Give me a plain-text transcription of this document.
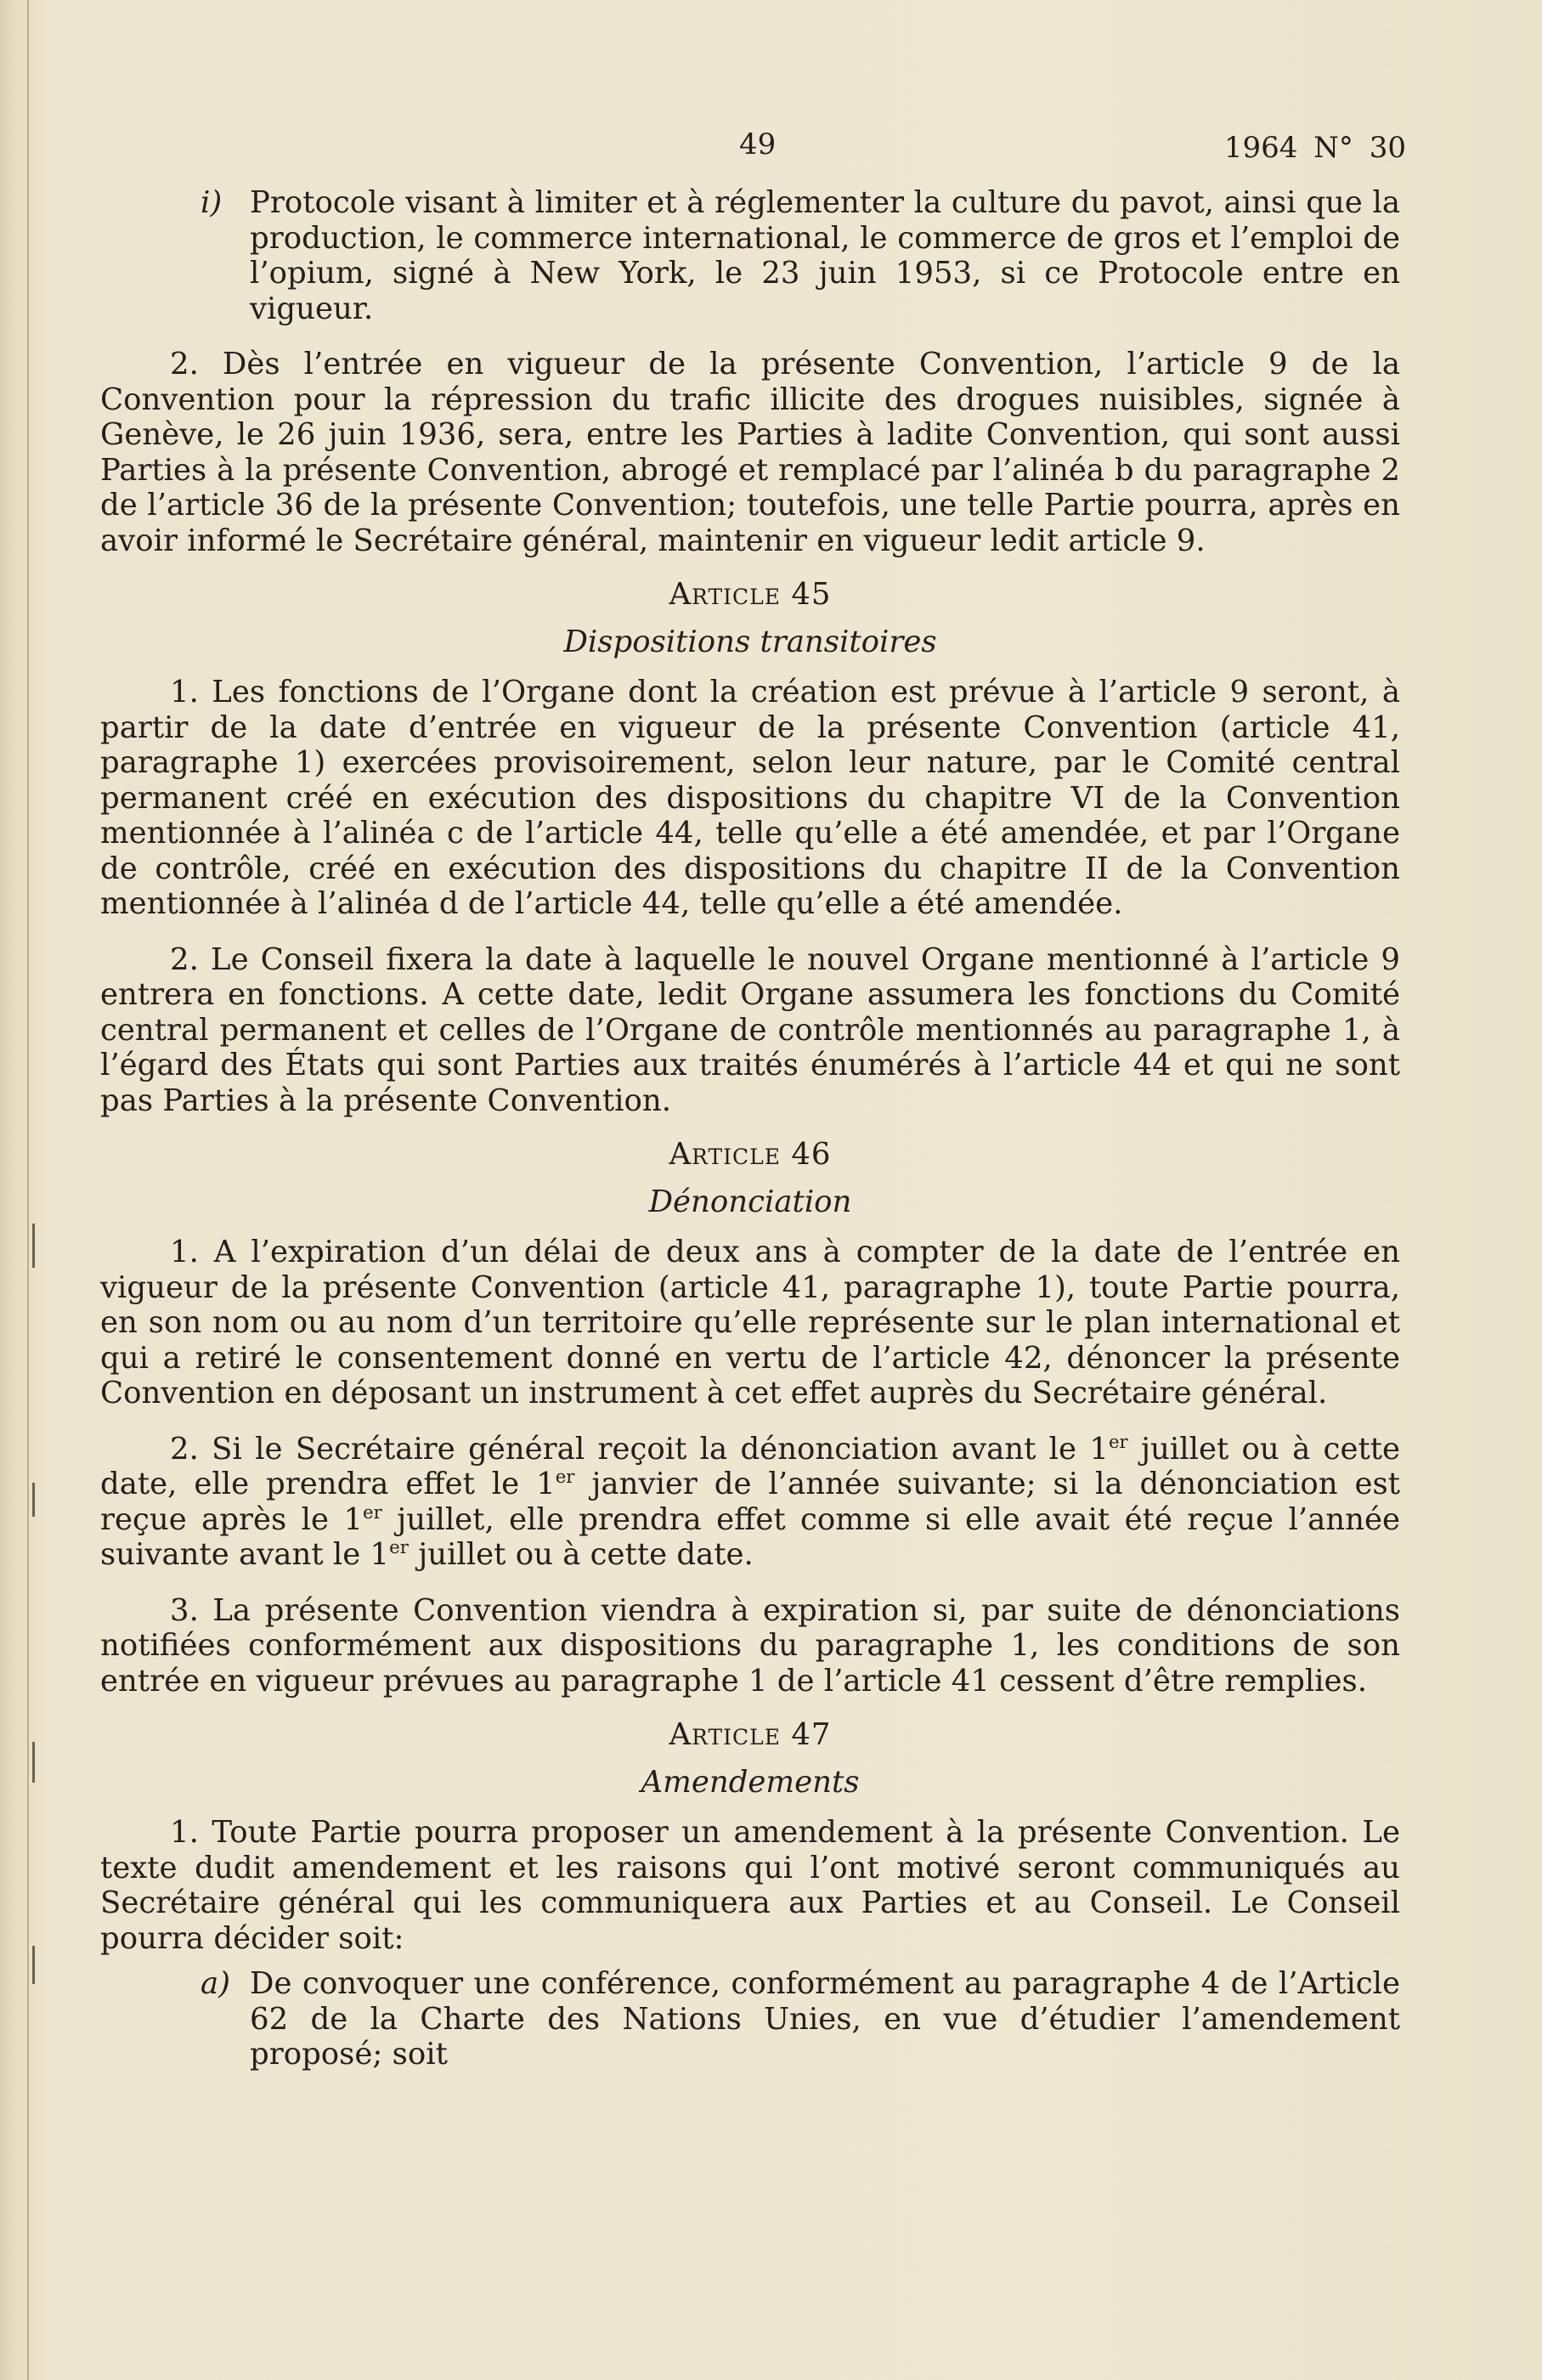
49	1964 N° 30
i) Protocole visant à limiter et à réglementer la culture du pavot, ainsi que la production, le commerce international, le commerce de gros et l’emploi de l’opium, signé à New York, le 23 juin 1953, si ce Protocole entre en vigueur.

2. Dès l’entrée en vigueur de la présente Convention, l’article 9 de la Convention pour la répression du trafic illicite des drogues nuisibles, signée à Genève, le 26 juin 1936, sera, entre les Parties à ladite Convention, qui sont aussi Parties à la présente Convention, abrogé et remplacé par l’alinéa b du paragraphe 2 de l’article 36 de la présente Convention; toutefois, une telle Partie pourra, après en avoir informé le Secrétaire général, maintenir en vigueur ledit article 9.

Article 45
Dispositions transitoires

1. Les fonctions de l’Organe dont la création est prévue à l’article 9 seront, à partir de la date d’entrée en vigueur de la présente Convention (article 41, paragraphe 1) exercées provisoirement, selon leur nature, par le Comité central permanent créé en exécution des dispositions du chapitre VI de la Convention mentionnée à l’alinéa c de l’article 44, telle qu’elle a été amendée, et par l’Organe de contrôle, créé en exécution des dispositions du chapitre II de la Convention mentionnée à l’alinéa d de l’article 44, telle qu’elle a été amendée.

2. Le Conseil fixera la date à laquelle le nouvel Organe mentionné à l’article 9 entrera en fonctions. A cette date, ledit Organe assumera les fonctions du Comité central permanent et celles de l’Organe de contrôle mentionnés au paragraphe 1, à l’égard des États qui sont Parties aux traités énumérés à l’article 44 et qui ne sont pas Parties à la présente Convention.

Article 46
Dénonciation

1. A l’expiration d’un délai de deux ans à compter de la date de l’entrée en vigueur de la présente Convention (article 41, paragraphe 1), toute Partie pourra, en son nom ou au nom d’un territoire qu’elle représente sur le plan international et qui a retiré le consentement donné en vertu de l’article 42, dénoncer la présente Convention en déposant un instrument à cet effet auprès du Secrétaire général.

2. Si le Secrétaire général reçoit la dénonciation avant le 1er juillet ou à cette date, elle prendra effet le 1er janvier de l’année suivante; si la dénonciation est reçue après le 1er juillet, elle prendra effet comme si elle avait été reçue l’année suivante avant le 1er juillet ou à cette date.

3. La présente Convention viendra à expiration si, par suite de dénonciations notifiées conformément aux dispositions du paragraphe 1, les conditions de son entrée en vigueur prévues au paragraphe 1 de l’article 41 cessent d’être remplies.

Article 47
Amendements

1. Toute Partie pourra proposer un amendement à la présente Convention. Le texte dudit amendement et les raisons qui l’ont motivé seront communiqués au Secrétaire général qui les communiquera aux Parties et au Conseil. Le Conseil pourra décider soit:

a) De convoquer une conférence, conformément au paragraphe 4 de l’Article 62 de la Charte des Nations Unies, en vue d’étudier l’amendement proposé; soit
